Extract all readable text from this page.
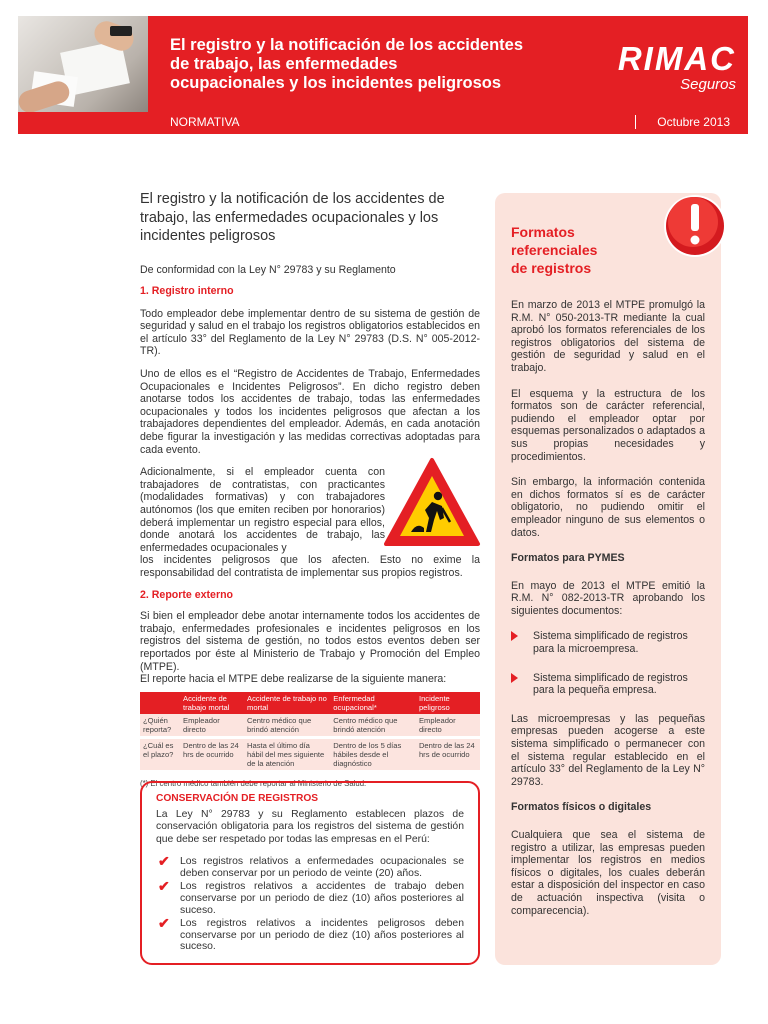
El registro y la notificación de los accidentes
de trabajo, las enfermedades
ocupacionales y los incidentes peligrosos
RIMAC
Seguros
NORMATIVA	Octubre 2013
El registro y la notificación de los accidentes de
trabajo, las enfermedades ocupacionales y los
incidentes peligrosos
De conformidad con la Ley N° 29783 y su Reglamento
1. Registro interno

Todo empleador debe implementar dentro de su sistema de gestión de seguridad y salud en el trabajo los registros obligatorios establecidos en el artículo 33° del Reglamento de la Ley N° 29783 (D.S. N° 005-2012-TR).

Uno de ellos es el “Registro de Accidentes de Trabajo, Enfermedades Ocupacionales e Incidentes Peligrosos”. En dicho registro deben anotarse todos los accidentes de trabajo, todas las enfermedades ocupacionales y todos los incidentes peligrosos que afectan a los trabajadores dependientes del empleador. Además, en cada anotación debe figurar la investigación y las medidas correctivas adoptadas para cada evento.

Adicionalmente, si el empleador cuenta con trabajadores de contratistas, con practicantes (modalidades formativas) y con trabajadores autónomos (los que emiten reciben por honorarios) deberá implementar un registro especial para ellos, donde anotará los accidentes de trabajo, las enfermedades ocupacionales y

los incidentes peligrosos que los afecten. Esto no exime la responsabilidad del contratista de implementar sus propios registros.

2. Reporte externo

Si bien el empleador debe anotar internamente todos los accidentes de trabajo, enfermedades profesionales e incidentes peligrosos en los registros del sistema de gestión, no todos estos eventos deben ser reportados por éste al Ministerio de Trabajo y Promoción del Empleo (MTPE).

El reporte hacia el MTPE debe realizarse de la siguiente manera:

	Accidente de trabajo mortal	Accidente de trabajo no mortal	Enfermedad ocupacional*	Incidente peligroso
¿Quién reporta?	Empleador directo	Centro médico que brindó atención	Centro médico que brindó atención	Empleador directo
¿Cuál es el plazo?	Dentro de las 24 hrs de ocurrido	Hasta el último día hábil del mes siguiente de la atención	Dentro de los 5 días hábiles desde el diagnóstico	Dentro de las 24 hrs de ocurrido
(*) El centro médico también debe reportar al Ministerio de Salud.
CONSERVACIÓN DE REGISTROS
La Ley N° 29783 y su Reglamento establecen plazos de conservación obligatoria para los registros del sistema de gestión que debe ser respetado por todas las empresas en el Perú:
✔ Los registros relativos a enfermedades ocupacionales se deben conservar por un periodo de veinte (20) años.
✔ Los registros relativos a accidentes de trabajo deben conservarse por un periodo de diez (10) años posteriores al suceso.
✔ Los registros relativos a incidentes peligrosos deben conservarse por un periodo de diez (10) años posteriores al suceso.
Formatos
referenciales
de registros

En marzo de 2013 el MTPE promulgó la R.M. N° 050-2013-TR mediante la cual aprobó los formatos referenciales de los registros obligatorios del sistema de gestión de seguridad y salud en el trabajo.

El esquema y la estructura de los formatos son de carácter referencial, pudiendo el empleador optar por esquemas personalizados o adaptados a sus propias necesidades y procedimientos.

Sin embargo, la información contenida en dichos formatos sí es de carácter obligatorio, no pudiendo omitir el empleador ninguno de sus elementos o datos.

Formatos para PYMES

En mayo de 2013 el MTPE emitió la R.M. N° 082-2013-TR aprobando los siguientes documentos:

Sistema simplificado de registros para la microempresa.
Sistema simplificado de registros para la pequeña empresa.

Las microempresas y las pequeñas empresas pueden acogerse a este sistema simplificado o permanecer con el sistema regular establecido en el artículo 33° del Reglamento de la Ley N° 29783.

Formatos físicos o digitales

Cualquiera que sea el sistema de registro a utilizar, las empresas pueden implementar los registros en medios físicos o digitales, los cuales deberán estar a disposición del inspector en caso de actuación inspectiva (visita o comparecencia).
